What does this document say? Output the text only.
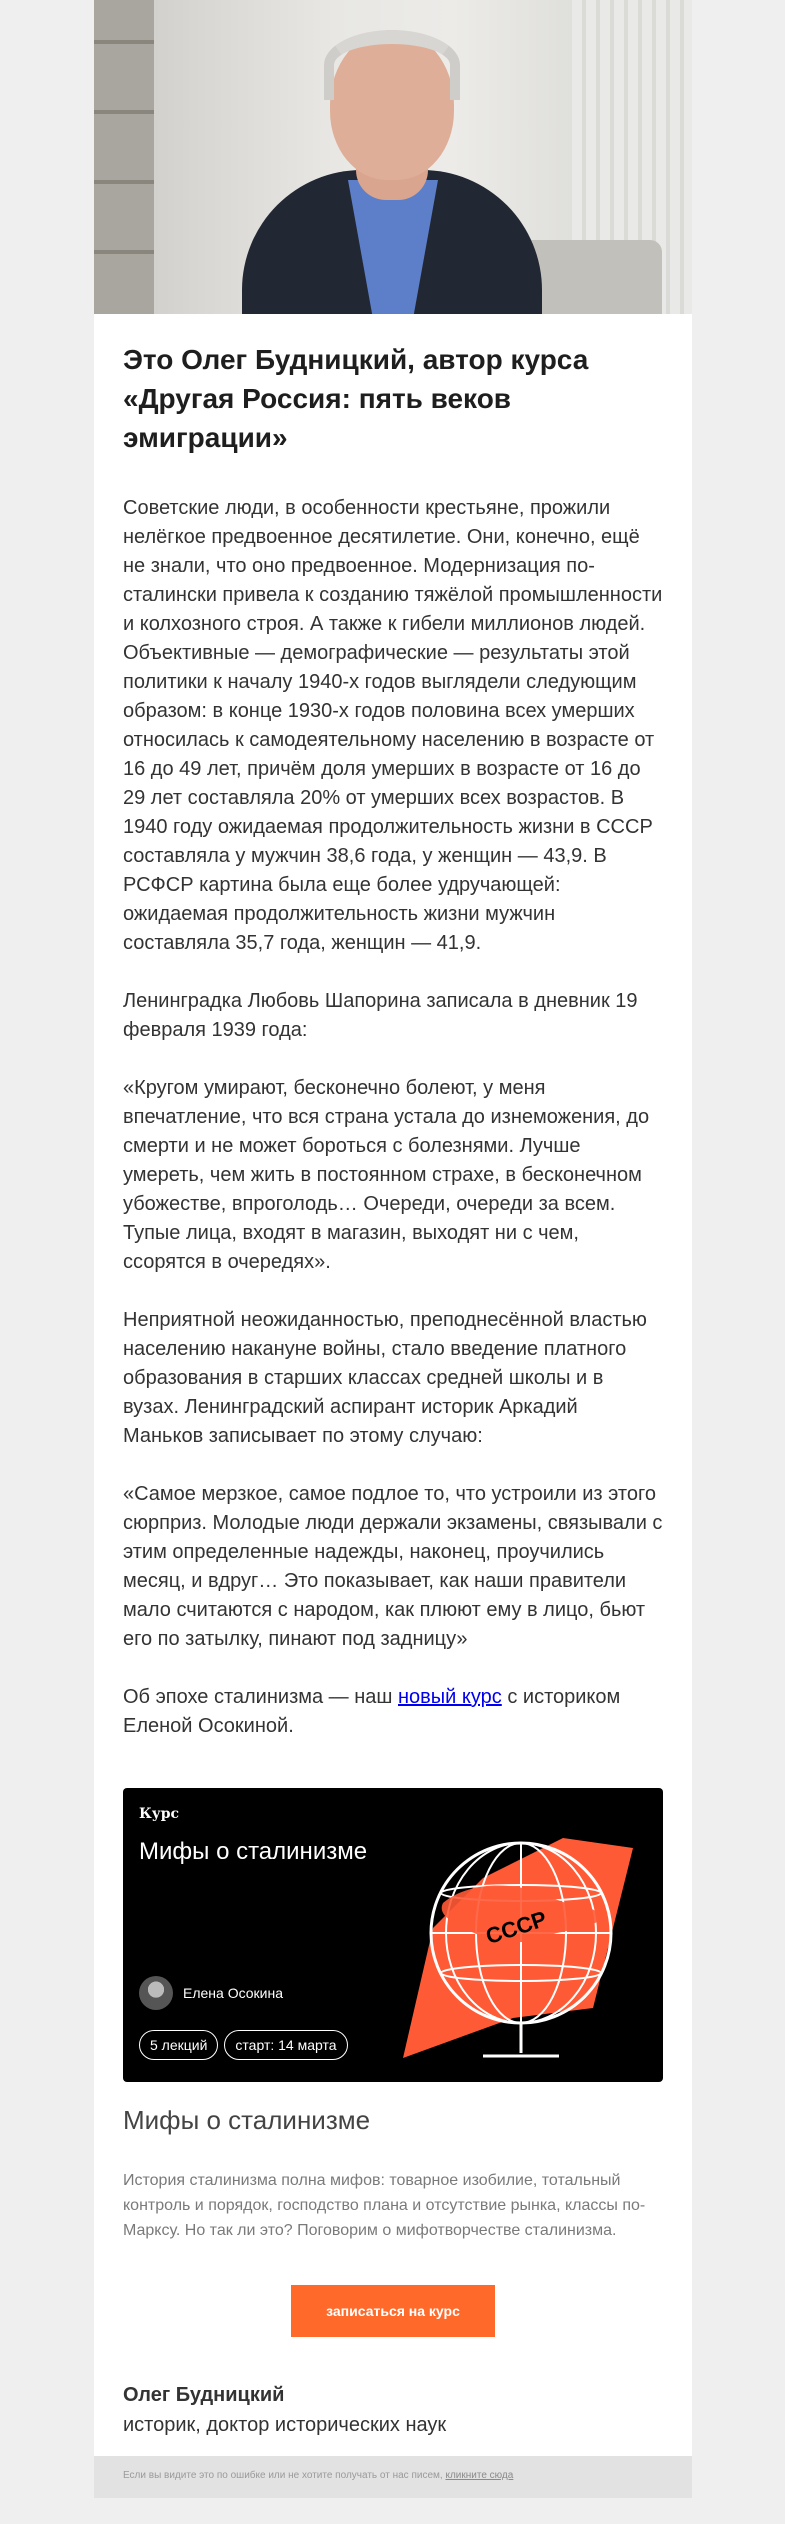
Это Олег Будницкий, автор курса «Другая Россия: пять веков эмиграции»

Советские люди, в особенности крестьяне, прожили нелёгкое предвоенное десятилетие. Они, конечно, ещё не знали, что оно предвоенное. Модернизация по-сталински привела к созданию тяжёлой промышленности и колхозного строя. А также к гибели миллионов людей. Объективные — демографические — результаты этой политики к началу 1940-х годов выглядели следующим образом: в конце 1930-х годов половина всех умерших относилась к самодеятельному населению в возрасте от 16 до 49 лет, причём доля умерших в возрасте от 16 до 29 лет составляла 20% от умерших всех возрастов. В 1940 году ожидаемая продолжительность жизни в СССР составляла у мужчин 38,6 года, у женщин — 43,9. В РСФСР картина была еще более удручающей: ожидаемая продолжительность жизни мужчин составляла 35,7 года, женщин — 41,9.

Ленинградка Любовь Шапорина записала в дневник 19 февраля 1939 года:

«Кругом умирают, бесконечно болеют, у меня впечатление, что вся страна устала до изнеможения, до смерти и не может бороться с болезнями. Лучше умереть, чем жить в постоянном страхе, в бесконечном убожестве, впроголодь… Очереди, очереди за всем. Тупые лица, входят в магазин, выходят ни с чем, ссорятся в очередях».

Неприятной неожиданностью, преподнесённой властью населению накануне войны, стало введение платного образования в старших классах средней школы и в вузах. Ленинградский аспирант историк Аркадий Маньков записывает по этому случаю:

«Самое мерзкое, самое подлое то, что устроили из этого сюрприз. Молодые люди держали экзамены, связывали с этим определенные надежды, наконец, проучились месяц, и вдруг… Это показывает, как наши правители мало считаются с народом, как плюют ему в лицо, бьют его по затылку, пинают под задницу»

Об эпохе сталинизма — наш новый курс с историком Еленой Осокиной.

Курс
Мифы о сталинизме
СССР
Елена Осокина
5 лекций	старт: 14 марта
Мифы о сталинизме
История сталинизма полна мифов: товарное изобилие, тотальный контроль и порядок, господство плана и отсутствие рынка, классы по-Марксу. Но так ли это? Поговорим о мифотворчестве сталинизма.
записаться на курс
Олег Будницкий
историк, доктор исторических наук
Если вы видите это по ошибке или не хотите получать от нас писем, кликните сюда
